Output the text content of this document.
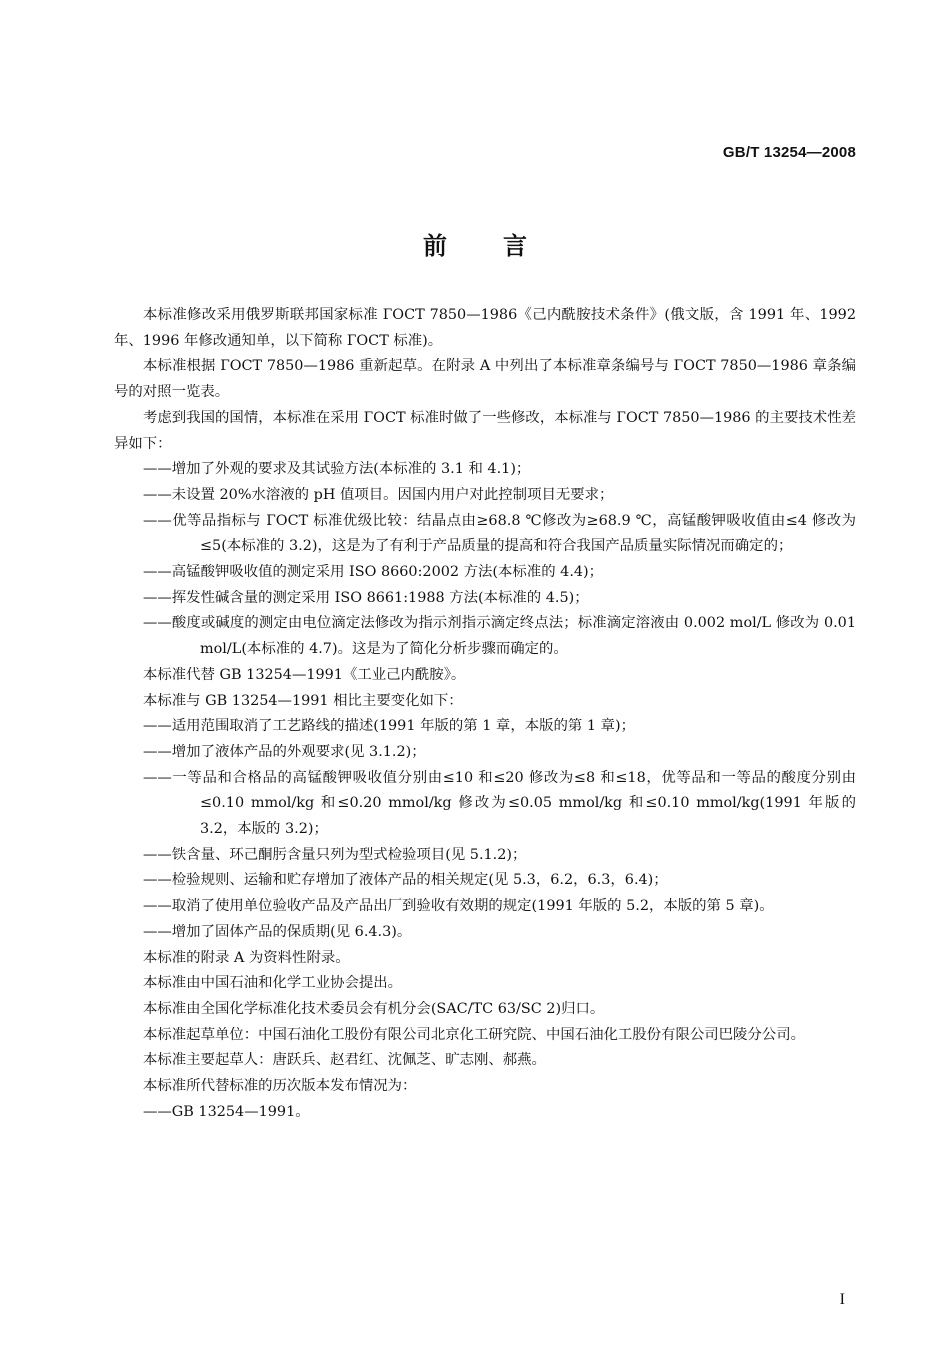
GB/T 13254—2008
前言

本标准修改采用俄罗斯联邦国家标准 ГОСТ 7850—1986《己内酰胺技术条件》(俄文版，含 1991 年、1992 年、1996 年修改通知单，以下简称 ГОСТ 标准)。

本标准根据 ГОСТ 7850—1986 重新起草。在附录 A 中列出了本标准章条编号与 ГОСТ 7850—1986 章条编号的对照一览表。

考虑到我国的国情，本标准在采用 ГОСТ 标准时做了一些修改，本标准与 ГОСТ 7850—1986 的主要技术性差异如下：

——增加了外观的要求及其试验方法(本标准的 3.1 和 4.1)；

——未设置 20%水溶液的 pH 值项目。因国内用户对此控制项目无要求；

——优等品指标与 ГОСТ 标准优级比较：结晶点由≥68.8 ℃修改为≥68.9 ℃，高锰酸钾吸收值由≤4 修改为≤5(本标准的 3.2)，这是为了有利于产品质量的提高和符合我国产品质量实际情况而确定的；

——高锰酸钾吸收值的测定采用 ISO 8660:2002 方法(本标准的 4.4)；

——挥发性碱含量的测定采用 ISO 8661:1988 方法(本标准的 4.5)；

——酸度或碱度的测定由电位滴定法修改为指示剂指示滴定终点法；标准滴定溶液由 0.002 mol/L 修改为 0.01 mol/L(本标准的 4.7)。这是为了简化分析步骤而确定的。

本标准代替 GB 13254—1991《工业己内酰胺》。

本标准与 GB 13254—1991 相比主要变化如下：

——适用范围取消了工艺路线的描述(1991 年版的第 1 章，本版的第 1 章)；

——增加了液体产品的外观要求(见 3.1.2)；

——一等品和合格品的高锰酸钾吸收值分别由≤10 和≤20 修改为≤8 和≤18，优等品和一等品的酸度分别由≤0.10 mmol/kg 和≤0.20 mmol/kg 修改为≤0.05 mmol/kg 和≤0.10 mmol/kg(1991 年版的 3.2，本版的 3.2)；

——铁含量、环己酮肟含量只列为型式检验项目(见 5.1.2)；

——检验规则、运输和贮存增加了液体产品的相关规定(见 5.3，6.2，6.3，6.4)；

——取消了使用单位验收产品及产品出厂到验收有效期的规定(1991 年版的 5.2，本版的第 5 章)。

——增加了固体产品的保质期(见 6.4.3)。

本标准的附录 A 为资料性附录。

本标准由中国石油和化学工业协会提出。

本标准由全国化学标准化技术委员会有机分会(SAC/TC 63/SC 2)归口。

本标准起草单位：中国石油化工股份有限公司北京化工研究院、中国石油化工股份有限公司巴陵分公司。

本标准主要起草人：唐跃兵、赵君红、沈佩芝、旷志刚、郝燕。

本标准所代替标准的历次版本发布情况为：

——GB 13254—1991。

I
